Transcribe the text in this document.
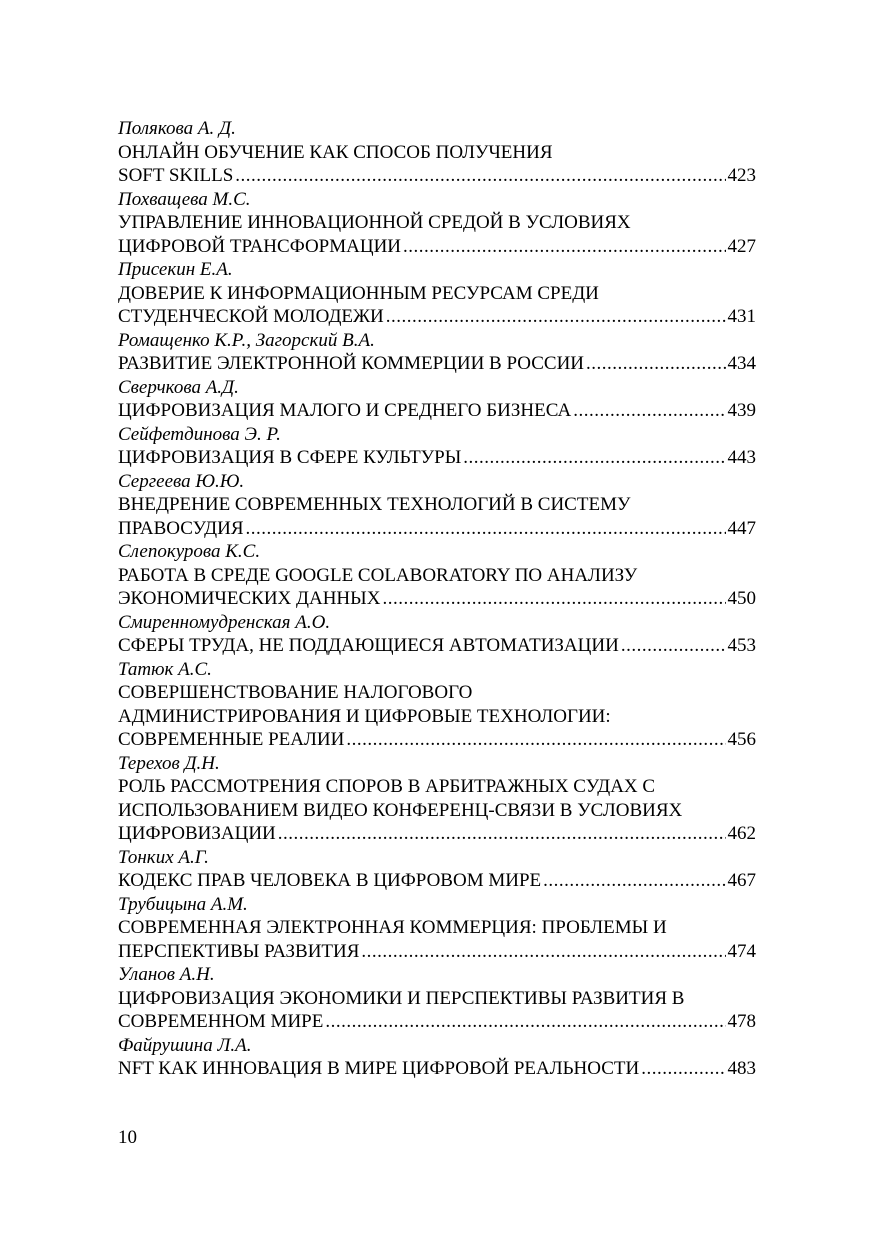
Полякова А. Д.
ОНЛАЙН ОБУЧЕНИЕ КАК СПОСОБ ПОЛУЧЕНИЯ
SOFT SKILLS .....	423
Похващева М.С.
УПРАВЛЕНИЕ ИННОВАЦИОННОЙ СРЕДОЙ В УСЛОВИЯХ
ЦИФРОВОЙ ТРАНСФОРМАЦИИ .....	427
Присекин Е.А.
ДОВЕРИЕ К ИНФОРМАЦИОННЫМ РЕСУРСАМ СРЕДИ
СТУДЕНЧЕСКОЙ МОЛОДЕЖИ .....	431
Ромащенко К.Р., Загорский В.А.
РАЗВИТИЕ ЭЛЕКТРОННОЙ КОММЕРЦИИ В РОССИИ .....	434
Сверчкова А.Д.
ЦИФРОВИЗАЦИЯ МАЛОГО И СРЕДНЕГО БИЗНЕСА .....	439
Сейфетдинова Э. Р.
ЦИФРОВИЗАЦИЯ В СФЕРЕ КУЛЬТУРЫ .....	443
Сергеева Ю.Ю.
ВНЕДРЕНИЕ СОВРЕМЕННЫХ ТЕХНОЛОГИЙ В СИСТЕМУ
ПРАВОСУДИЯ .....	447
Слепокурова К.С.
РАБОТА В СРЕДЕ GOOGLE COLABORATORY ПО АНАЛИЗУ
ЭКОНОМИЧЕСКИХ ДАННЫХ .....	450
Смиренномудренская А.О.
СФЕРЫ ТРУДА, НЕ ПОДДАЮЩИЕСЯ АВТОМАТИЗАЦИИ .....	453
Татюк А.С.
СОВЕРШЕНСТВОВАНИЕ НАЛОГОВОГО
АДМИНИСТРИРОВАНИЯ И ЦИФРОВЫЕ ТЕХНОЛОГИИ:
СОВРЕМЕННЫЕ РЕАЛИИ .....	456
Терехов Д.Н.
РОЛЬ РАССМОТРЕНИЯ СПОРОВ В АРБИТРАЖНЫХ СУДАХ С
ИСПОЛЬЗОВАНИЕМ ВИДЕО КОНФЕРЕНЦ-СВЯЗИ В УСЛОВИЯХ
ЦИФРОВИЗАЦИИ .....	462
Тонких А.Г.
КОДЕКС ПРАВ ЧЕЛОВЕКА В ЦИФРОВОМ МИРЕ .....	467
Трубицына А.М.
СОВРЕМЕННАЯ ЭЛЕКТРОННАЯ КОММЕРЦИЯ: ПРОБЛЕМЫ И
ПЕРСПЕКТИВЫ РАЗВИТИЯ .....	474
Уланов А.Н.
ЦИФРОВИЗАЦИЯ ЭКОНОМИКИ И ПЕРСПЕКТИВЫ РАЗВИТИЯ В
СОВРЕМЕННОМ МИРЕ .....	478
Файрушина Л.А.
NFT КАК ИННОВАЦИЯ В МИРЕ ЦИФРОВОЙ РЕАЛЬНОСТИ .....	483
10
